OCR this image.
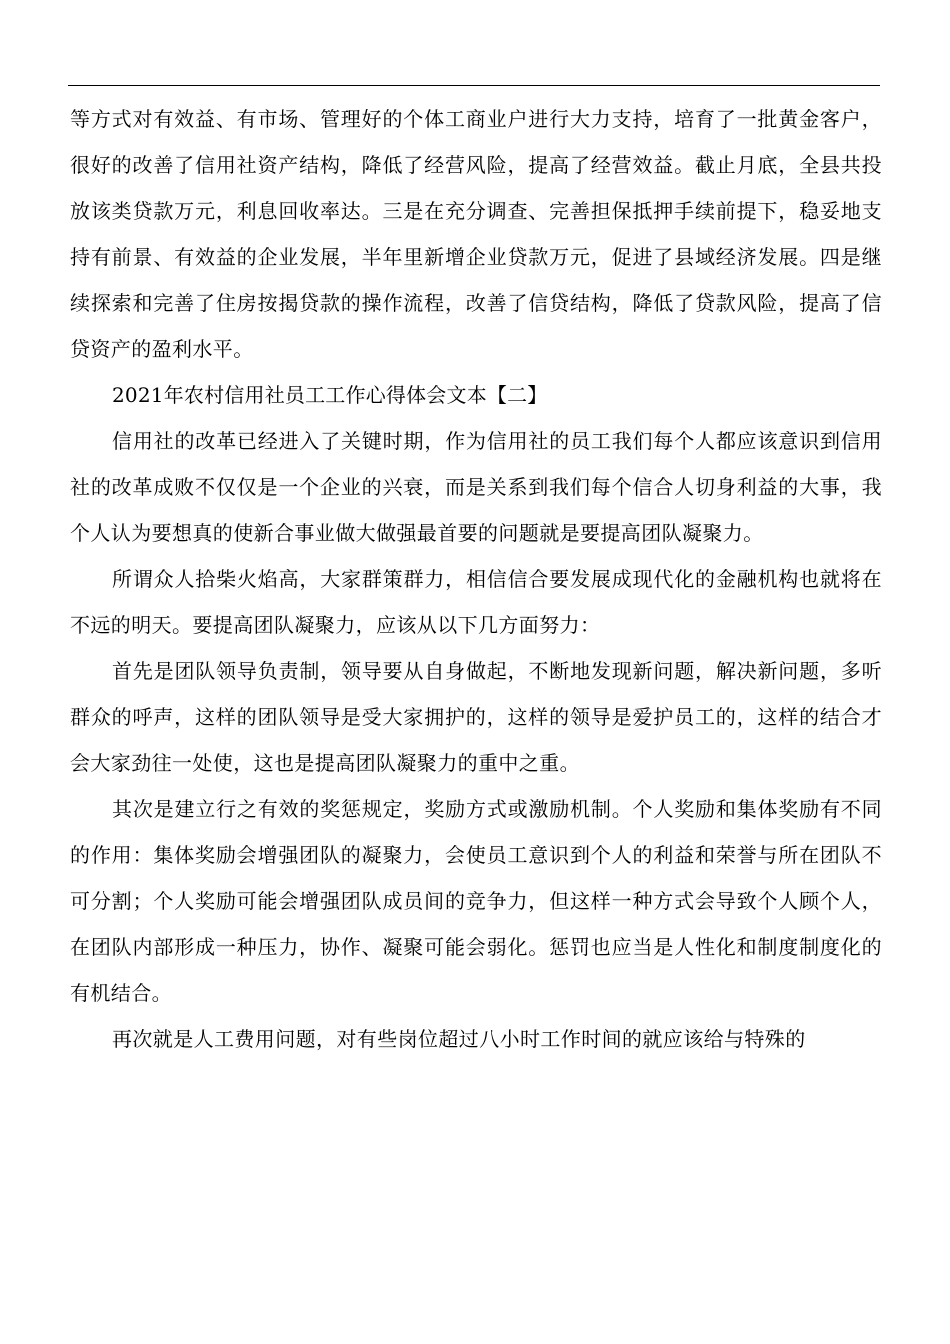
等方式对有效益、有市场、管理好的个体工商业户进行大力支持，培育了一批黄金客户，很好的改善了信用社资产结构，降低了经营风险，提高了经营效益。截止月底，全县共投放该类贷款万元，利息回收率达。三是在充分调查、完善担保抵押手续前提下，稳妥地支持有前景、有效益的企业发展，半年里新增企业贷款万元，促进了县域经济发展。四是继续探索和完善了住房按揭贷款的操作流程，改善了信贷结构，降低了贷款风险，提高了信贷资产的盈利水平。

2021年农村信用社员工工作心得体会文本【二】

信用社的改革已经进入了关键时期，作为信用社的员工我们每个人都应该意识到信用社的改革成败不仅仅是一个企业的兴衰，而是关系到我们每个信合人切身利益的大事，我个人认为要想真的使新合事业做大做强最首要的问题就是要提高团队凝聚力。

所谓众人拾柴火焰高，大家群策群力，相信信合要发展成现代化的金融机构也就将在不远的明天。要提高团队凝聚力，应该从以下几方面努力：

首先是团队领导负责制，领导要从自身做起，不断地发现新问题，解决新问题，多听群众的呼声，这样的团队领导是受大家拥护的，这样的领导是爱护员工的，这样的结合才会大家劲往一处使，这也是提高团队凝聚力的重中之重。

其次是建立行之有效的奖惩规定，奖励方式或激励机制。个人奖励和集体奖励有不同的作用：集体奖励会增强团队的凝聚力，会使员工意识到个人的利益和荣誉与所在团队不可分割；个人奖励可能会增强团队成员间的竞争力，但这样一种方式会导致个人顾个人，在团队内部形成一种压力，协作、凝聚可能会弱化。惩罚也应当是人性化和制度制度化的有机结合。

再次就是人工费用问题，对有些岗位超过八小时工作时间的就应该给与特殊的
